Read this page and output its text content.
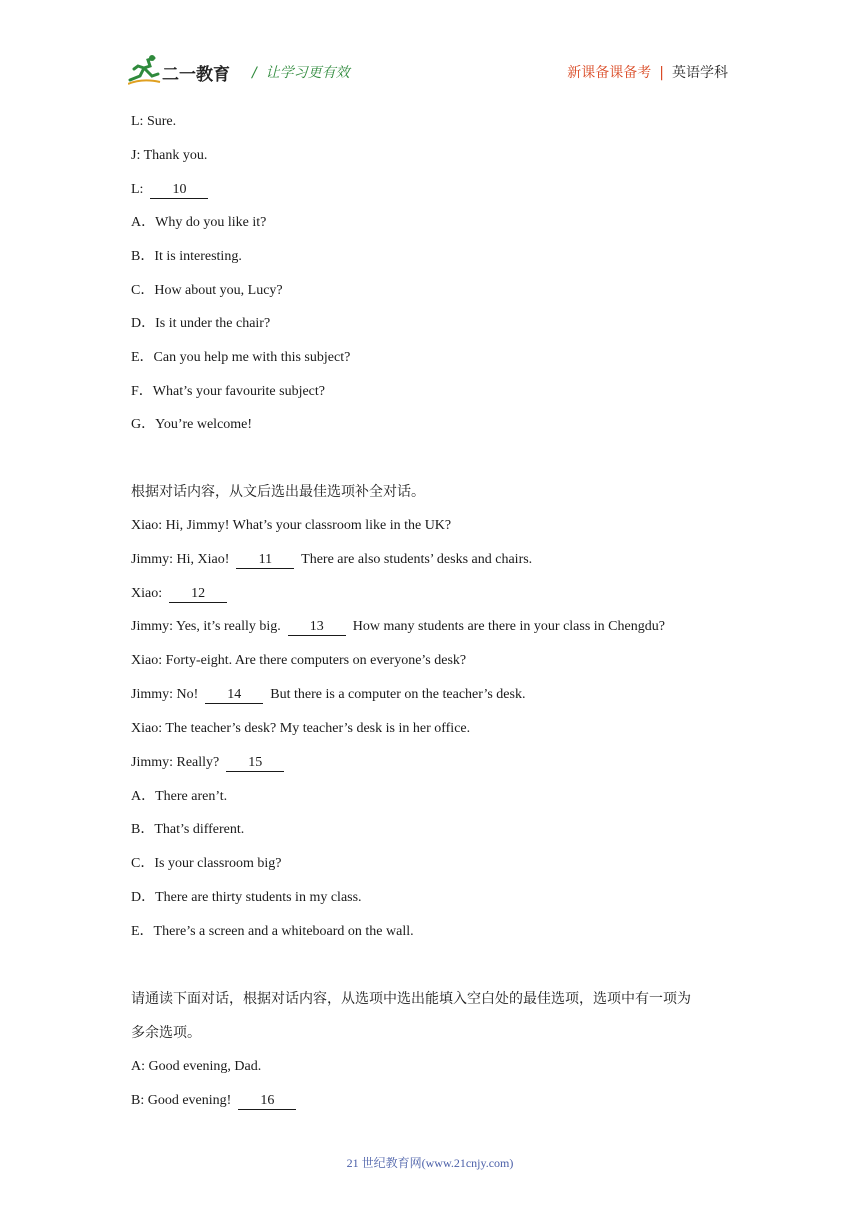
二一教育 /  让学习更有效	新课备课备考 | 英语学科
L: Sure.
J: Thank you.
L:  10
A．Why do you like it?
B．It is interesting.
C．How about you, Lucy?
D．Is it under the chair?
E．Can you help me with this subject?
F．What’s your favourite subject?
G．You’re welcome!
根据对话内容，从文后选出最佳选项补全对话。
Xiao: Hi, Jimmy! What’s your classroom like in the UK?
Jimmy: Hi, Xiao!  11  There are also students’ desks and chairs.
Xiao:  12
Jimmy: Yes, it’s really big.  13  How many students are there in your class in Chengdu?
Xiao: Forty-eight. Are there computers on everyone’s desk?
Jimmy: No!  14  But there is a computer on the teacher’s desk.
Xiao: The teacher’s desk? My teacher’s desk is in her office.
Jimmy: Really?  15
A．There aren’t.
B．That’s different.
C．Is your classroom big?
D．There are thirty students in my class.
E．There’s a screen and a whiteboard on the wall.
请通读下面对话，根据对话内容，从选项中选出能填入空白处的最佳选项，选项中有一项为
多余选项。
A: Good evening, Dad.
B: Good evening!  16
21 世纪教育网(www.21cnjy.com)
